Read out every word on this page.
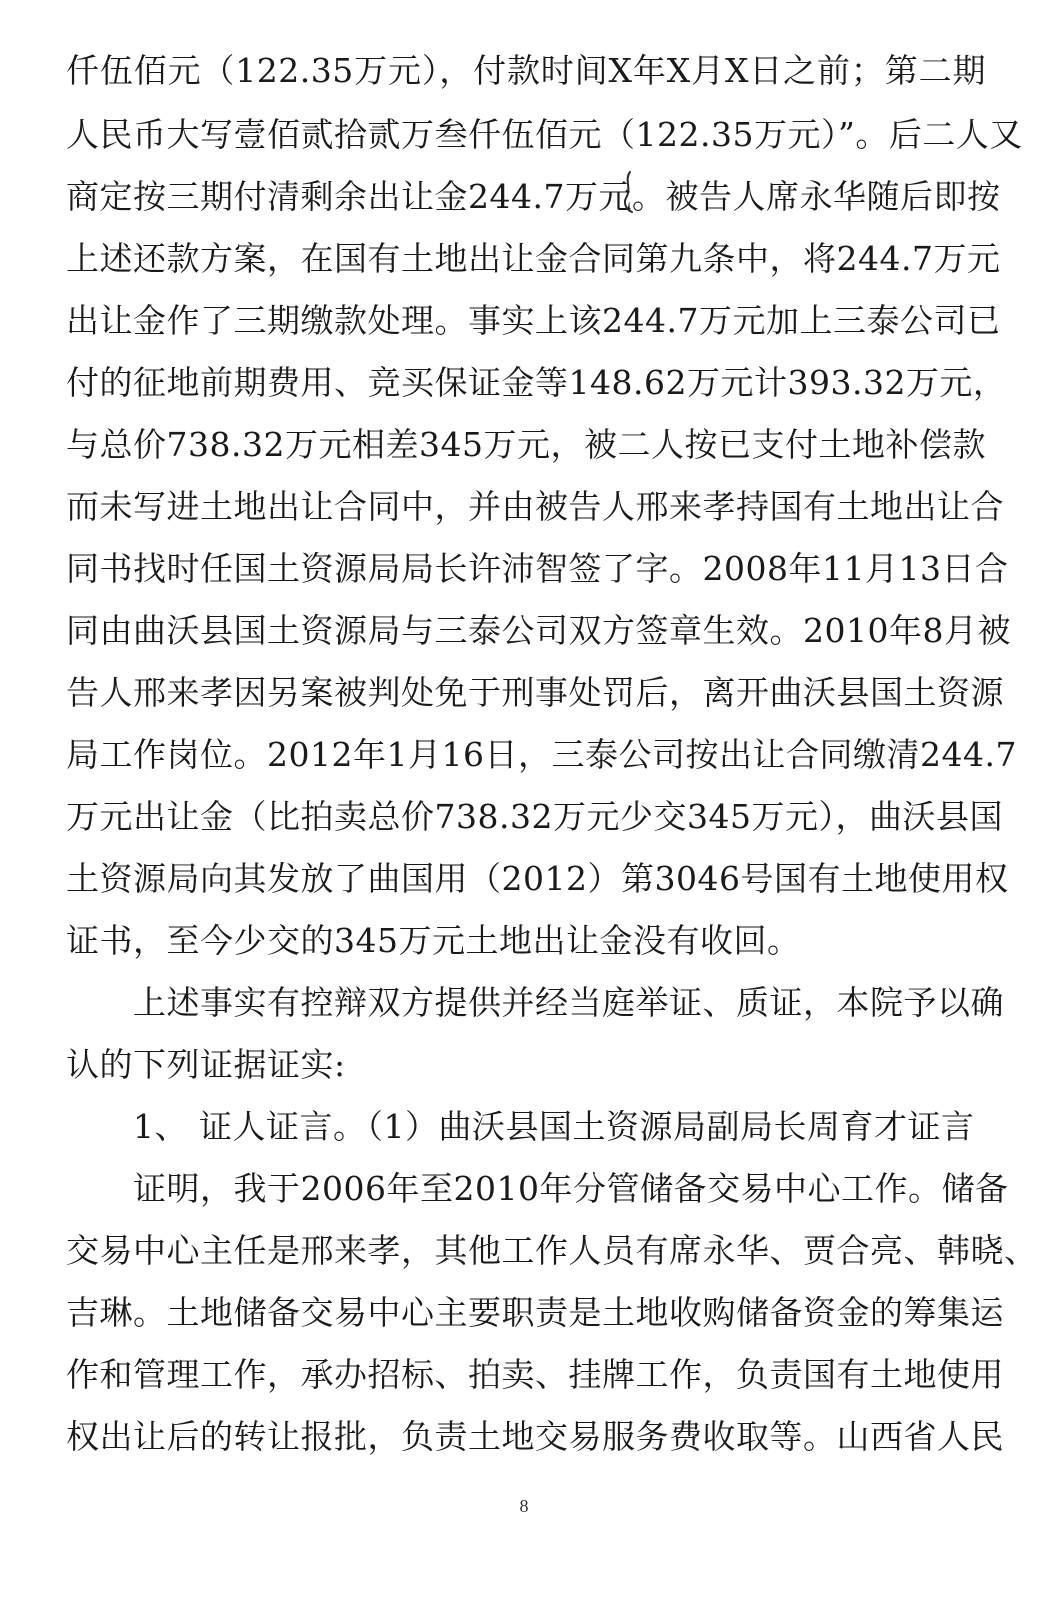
仟伍佰元（122.35万元），付款时间X年X月X日之前；第二期
人民币大写壹佰贰拾贰万叁仟伍佰元（122.35万元）”。后二人又
商定按三期付清剩余出让金244.7万元。被告人席永华随后即按
上述还款方案，在国有土地出让金合同第九条中，将244.7万元
出让金作了三期缴款处理。事实上该244.7万元加上三泰公司已
付的征地前期费用、竞买保证金等148.62万元计393.32万元，
与总价738.32万元相差345万元，被二人按已支付土地补偿款
而未写进土地出让合同中，并由被告人邢来孝持国有土地出让合
同书找时任国土资源局局长许沛智签了字。2008年11月13日合
同由曲沃县国土资源局与三泰公司双方签章生效。2010年8月被
告人邢来孝因另案被判处免于刑事处罚后，离开曲沃县国土资源
局工作岗位。2012年1月16日，三泰公司按出让合同缴清244.7
万元出让金（比拍卖总价738.32万元少交345万元），曲沃县国
土资源局向其发放了曲国用（2012）第3046号国有土地使用权
证书，至今少交的345万元土地出让金没有收回。
上述事实有控辩双方提供并经当庭举证、质证，本院予以确
认的下列证据证实:
1、 证人证言。（1）曲沃县国土资源局副局长周育才证言
证明，我于2006年至2010年分管储备交易中心工作。储备
交易中心主任是邢来孝，其他工作人员有席永华、贾合亮、韩晓、
吉琳。土地储备交易中心主要职责是土地收购储备资金的筹集运
作和管理工作，承办招标、拍卖、挂牌工作，负责国有土地使用
权出让后的转让报批，负责土地交易服务费收取等。山西省人民
8
